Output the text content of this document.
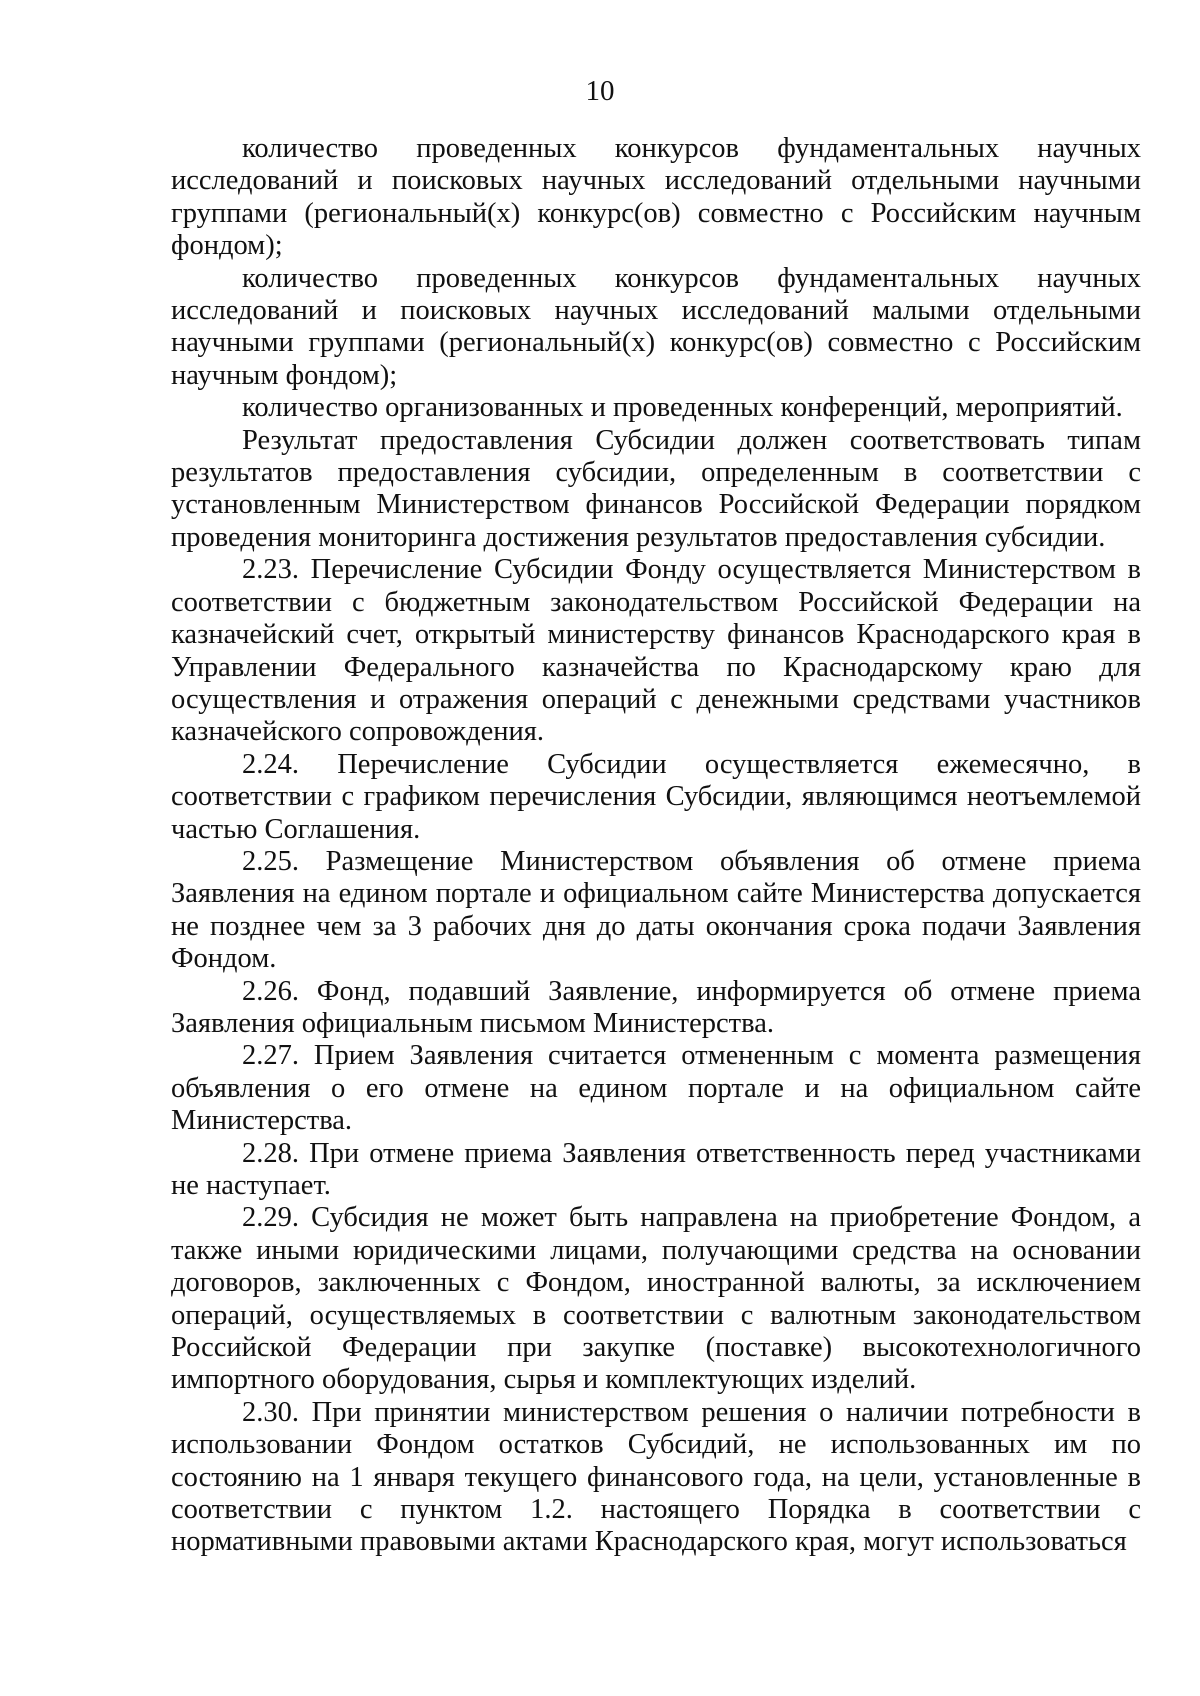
10

количество проведенных конкурсов фундаментальных научных исследований и поисковых научных исследований отдельными научными группами (региональный(х) конкурс(ов) совместно с Российским научным фондом);

количество проведенных конкурсов фундаментальных научных исследований и поисковых научных исследований малыми отдельными научными группами (региональный(х) конкурс(ов) совместно с Российским научным фондом);

количество организованных и проведенных конференций, мероприятий.

Результат предоставления Субсидии должен соответствовать типам результатов предоставления субсидии, определенным в соответствии с установленным Министерством финансов Российской Федерации порядком проведения мониторинга достижения результатов предоставления субсидии.

2.23. Перечисление Субсидии Фонду осуществляется Министерством в соответствии с бюджетным законодательством Российской Федерации на казначейский счет, открытый министерству финансов Краснодарского края в Управлении Федерального казначейства по Краснодарскому краю для осуществления и отражения операций с денежными средствами участников казначейского сопровождения.

2.24. Перечисление Субсидии осуществляется ежемесячно, в соответствии с графиком перечисления Субсидии, являющимся неотъемлемой частью Соглашения.

2.25. Размещение Министерством объявления об отмене приема Заявления на едином портале и официальном сайте Министерства допускается не позднее чем за 3 рабочих дня до даты окончания срока подачи Заявления Фондом.

2.26. Фонд, подавший Заявление, информируется об отмене приема Заявления официальным письмом Министерства.

2.27. Прием Заявления считается отмененным с момента размещения объявления о его отмене на едином портале и на официальном сайте Министерства.

2.28. При отмене приема Заявления ответственность перед участниками не наступает.

2.29. Субсидия не может быть направлена на приобретение Фондом, а также иными юридическими лицами, получающими средства на основании договоров, заключенных с Фондом, иностранной валюты, за исключением операций, осуществляемых в соответствии с валютным законодательством Российской Федерации при закупке (поставке) высокотехнологичного импортного оборудования, сырья и комплектующих изделий.

2.30. При принятии министерством решения о наличии потребности в использовании Фондом остатков Субсидий, не использованных им по состоянию на 1 января текущего финансового года, на цели, установленные в соответствии с пунктом 1.2. настоящего Порядка в соответствии с нормативными правовыми актами Краснодарского края, могут использоваться
